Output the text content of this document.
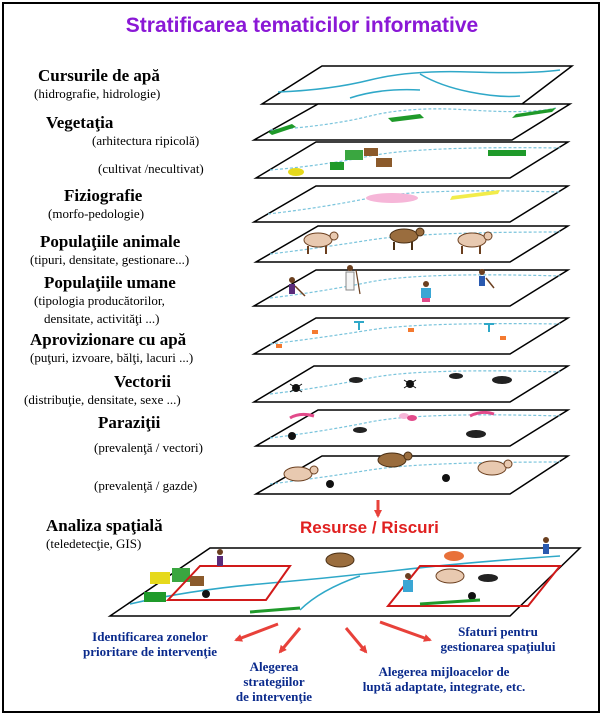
Stratificarea tematicilor informative
Cursurile de apă
(hidrografie, hidrologie)
Vegetaţia
(arhitectura ripicolă)
(cultivat /necultivat)
Fiziografie
(morfo-pedologie)
Populaţiile animale
(tipuri, densitate, gestionare...)
Populaţiile umane
(tipologia producătorilor,
densitate, activităţi ...)
Aprovizionare cu apă
(puţuri, izvoare, bălţi, lacuri ...)
Vectorii
(distribuţie, densitate, sexe ...)
Paraziţii
(prevalenţă / vectori)
(prevalenţă / gazde)
Analiza spaţială
(teledetecţie, GIS)
Resurse / Riscuri
Identificarea zonelor
prioritare de intervenţie
Alegerea
strategiilor
de intervenţie
Alegerea mijloacelor de
luptă adaptate, integrate, etc.
Sfaturi pentru
gestionarea spaţiului
